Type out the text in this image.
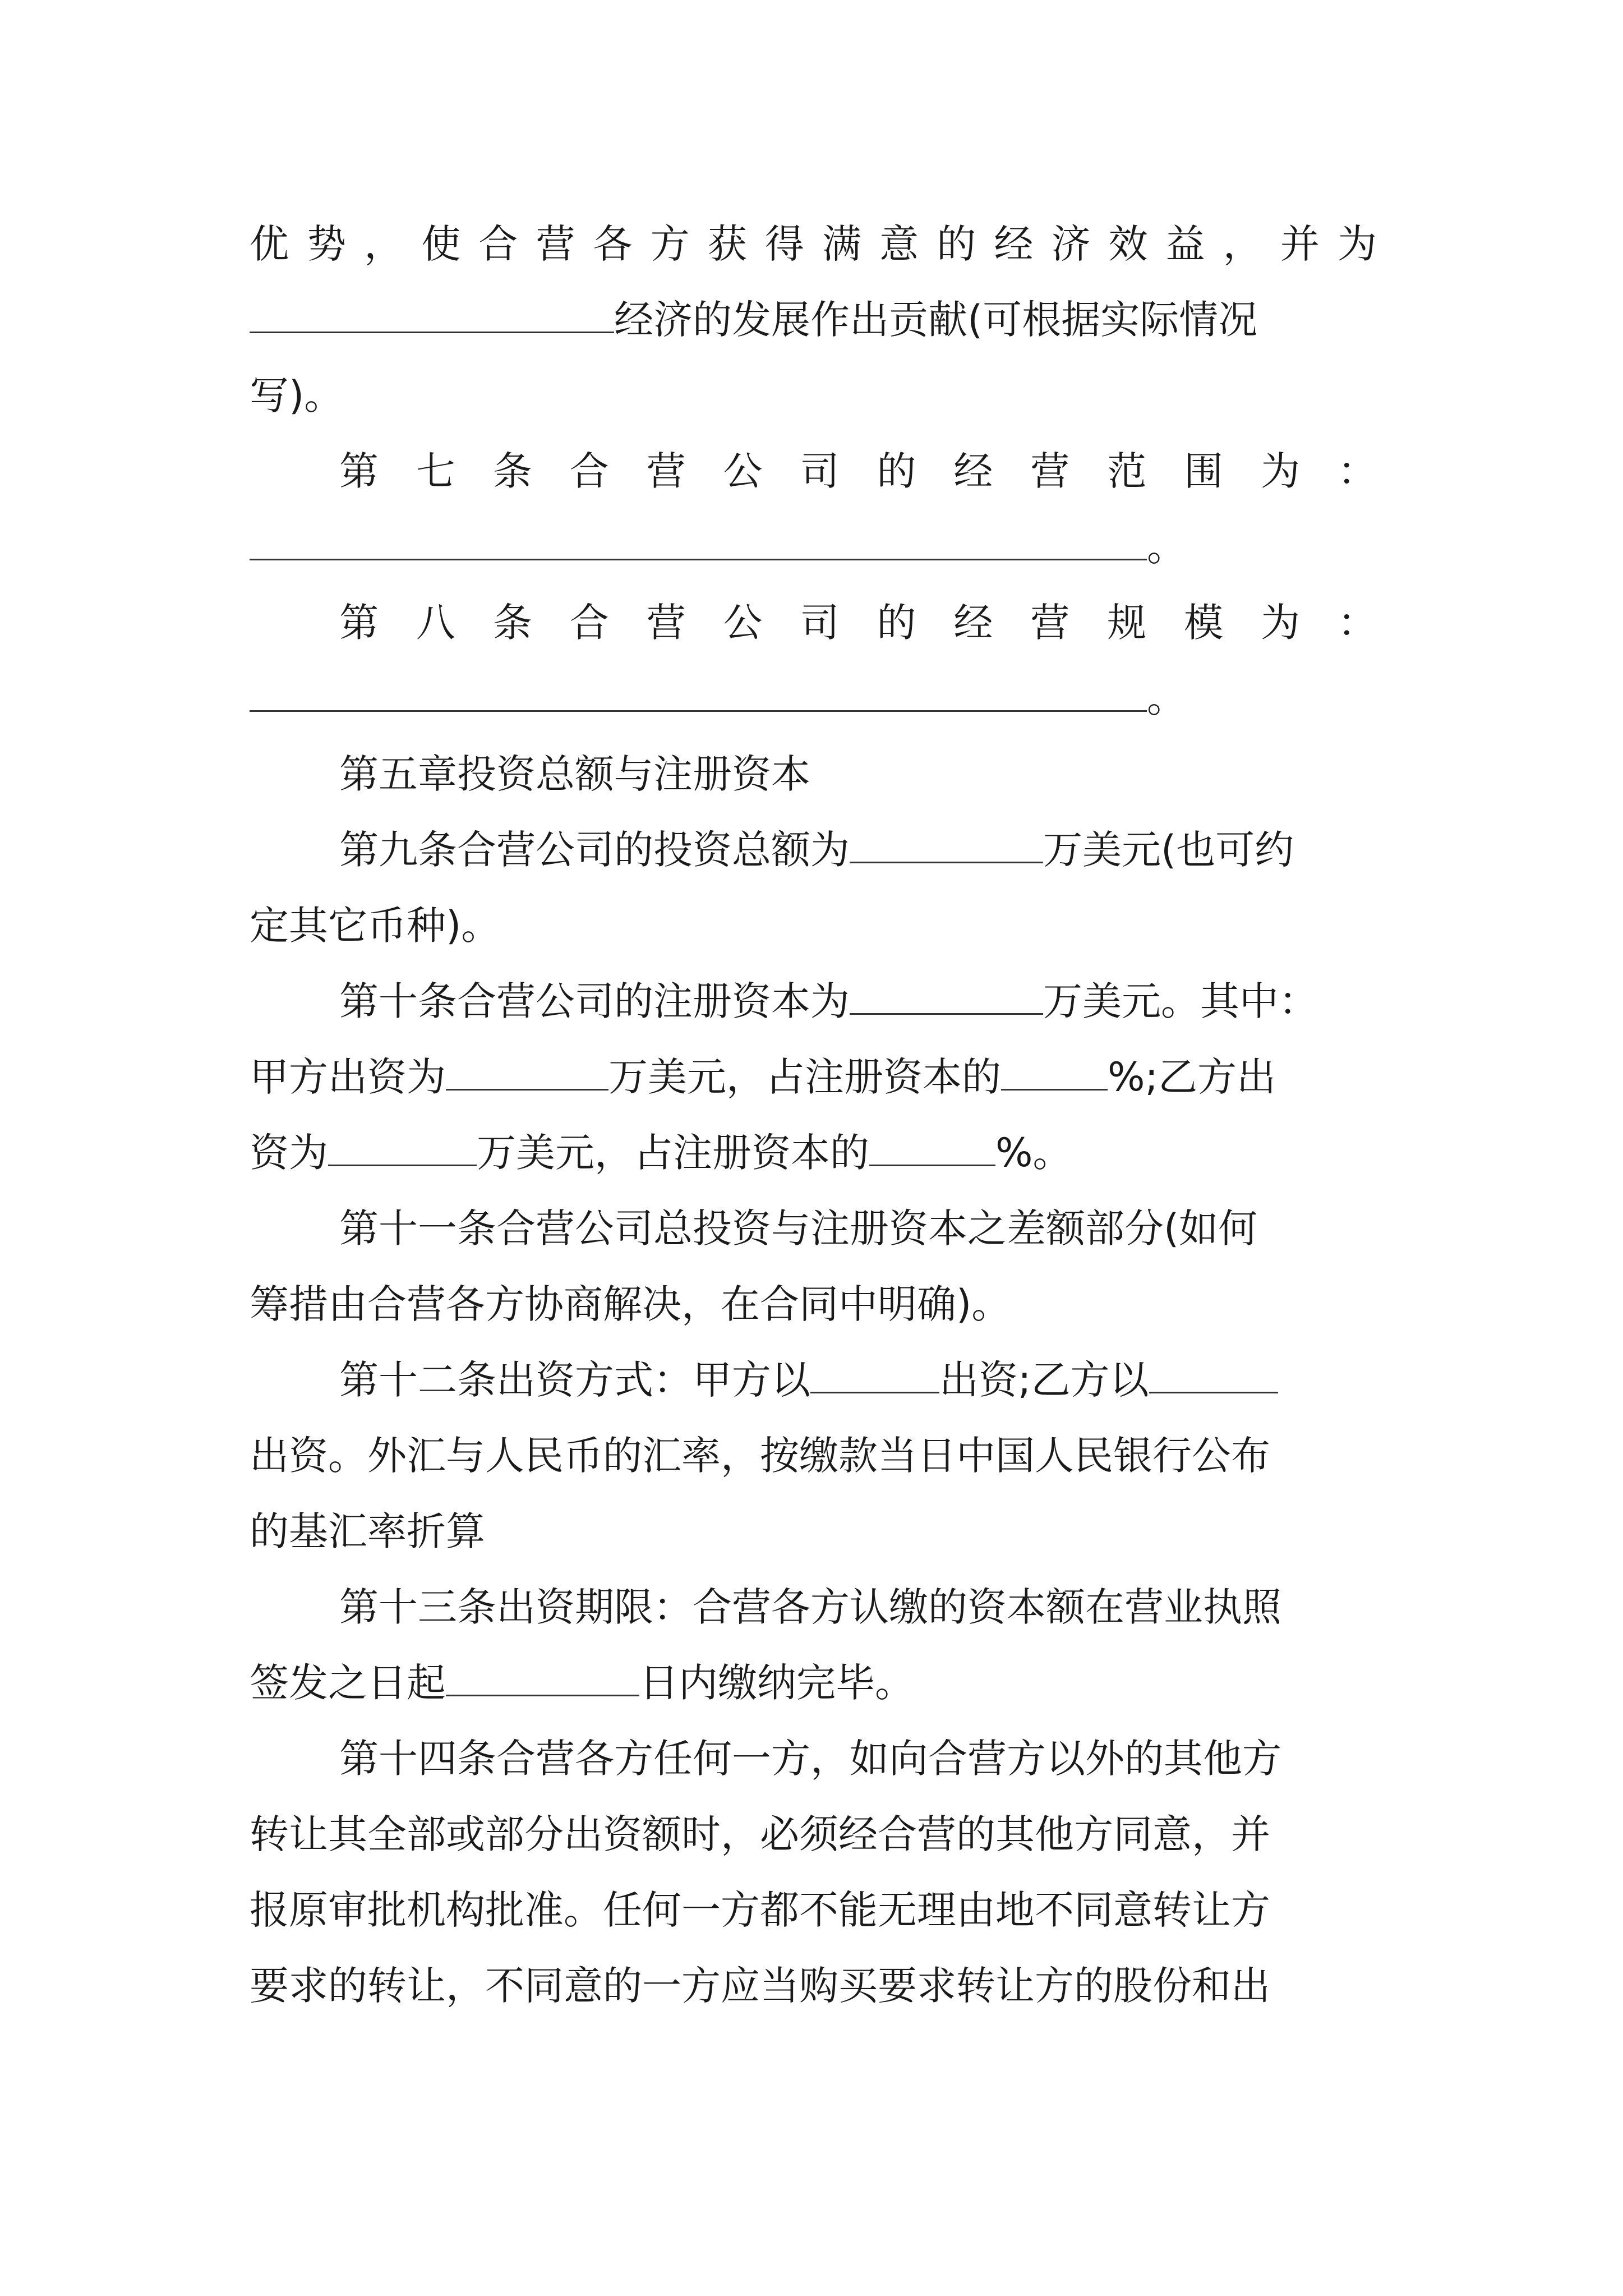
优势，使合营各方获得满意的经济效益，并为
经济的发展作出贡献(可根据实际情况
写)。
第七条合营公司的经营范围为：
。
第八条合营公司的经营规模为：
。
第五章投资总额与注册资本
第九条合营公司的投资总额为	万美元(也可约
定其它币种)。
第十条合营公司的注册资本为	万美元。其中：
甲方出资为	万美元，占注册资本的	%;乙方出
资为	万美元，占注册资本的	%。
第十一条合营公司总投资与注册资本之差额部分(如何
筹措由合营各方协商解决，在合同中明确)。
第十二条出资方式：甲方以	出资;乙方以
出资。外汇与人民币的汇率，按缴款当日中国人民银行公布
的基汇率折算
第十三条出资期限：合营各方认缴的资本额在营业执照
签发之日起	日内缴纳完毕。
第十四条合营各方任何一方，如向合营方以外的其他方
转让其全部或部分出资额时，必须经合营的其他方同意，并
报原审批机构批准。任何一方都不能无理由地不同意转让方
要求的转让，不同意的一方应当购买要求转让方的股份和出
